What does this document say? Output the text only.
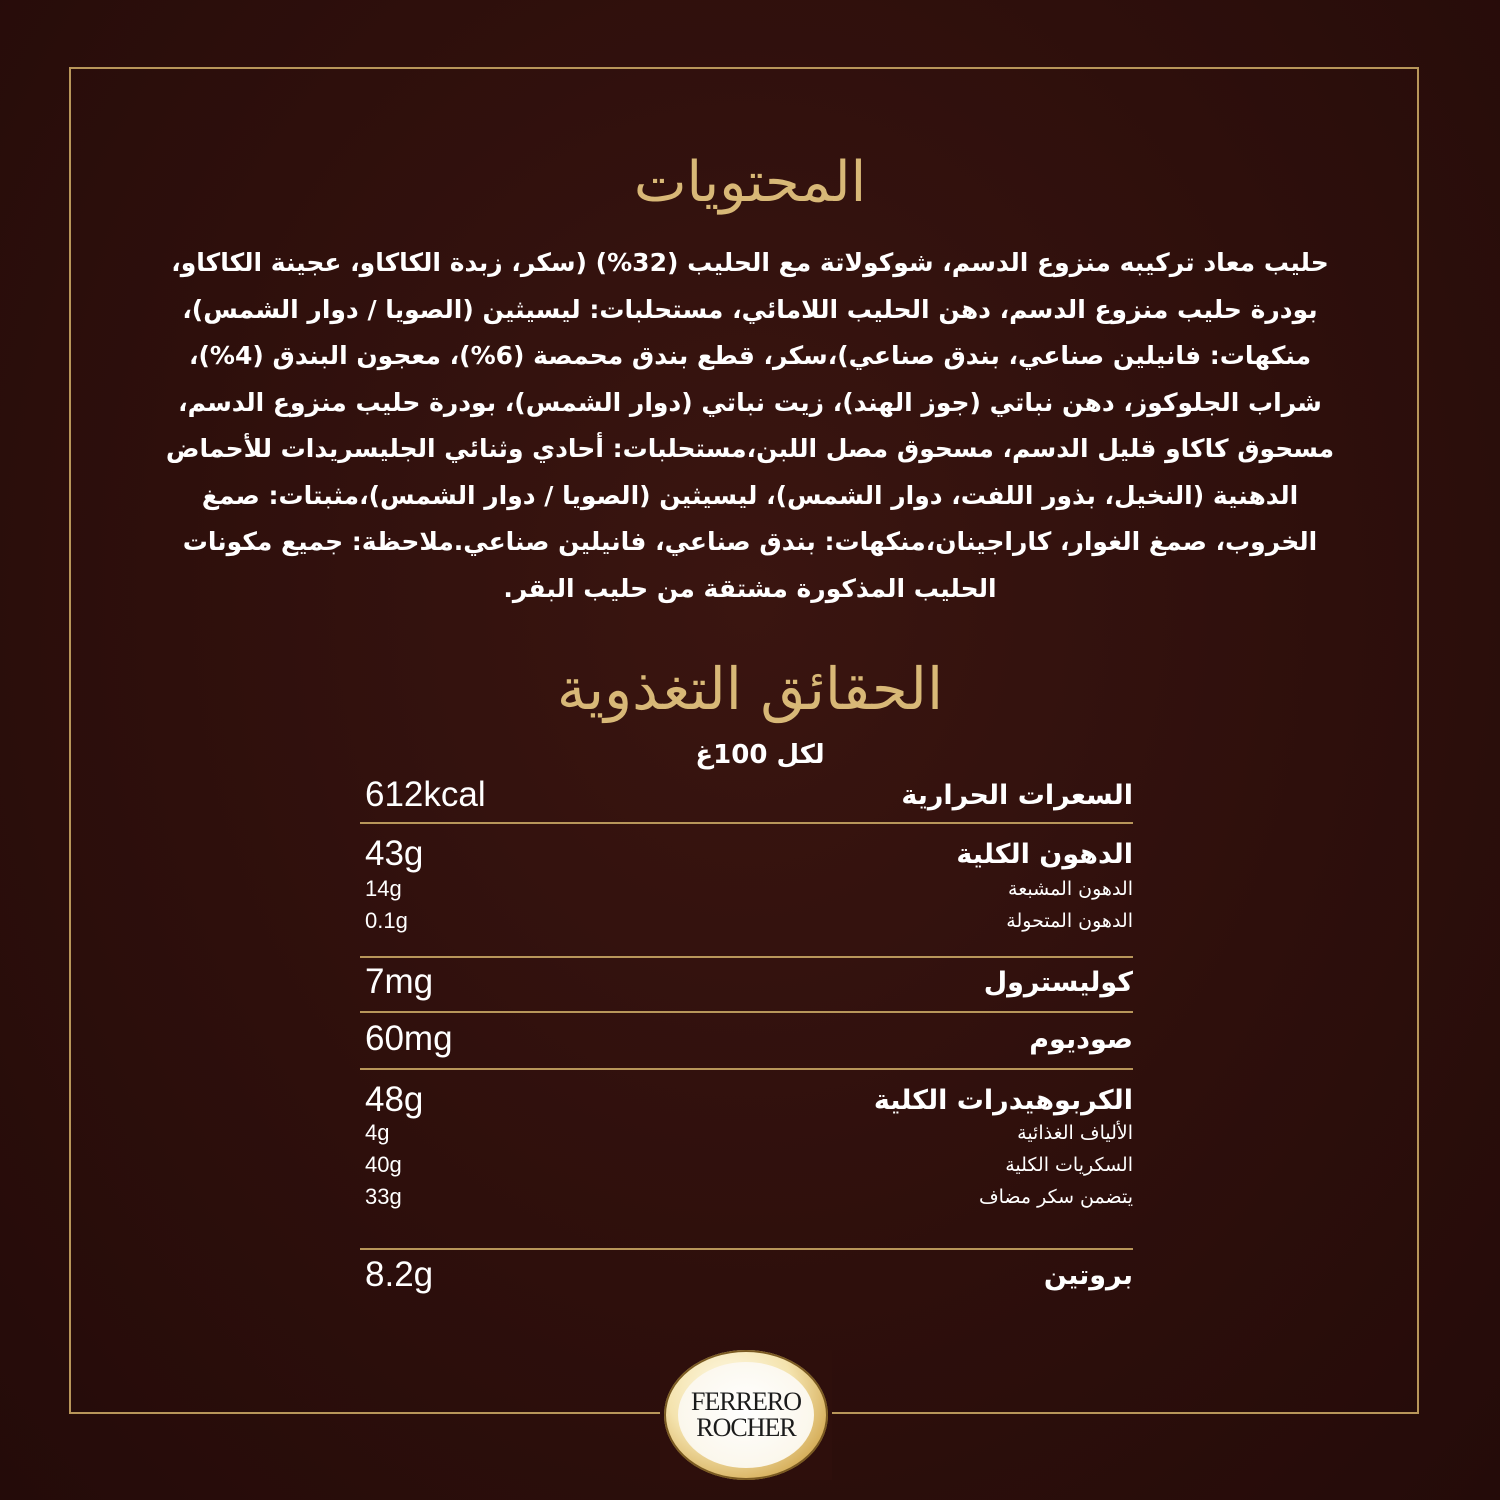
المحتويات

حليب معاد تركيبه منزوع الدسم، شوكولاتة مع الحليب (32%) (سكر، زبدة الكاكاو، عجينة الكاكاو، بودرة حليب منزوع الدسم، دهن الحليب اللامائي، مستحلبات: ليسيثين (الصويا / دوار الشمس)، منكهات: فانيلين صناعي، بندق صناعي)،سكر، قطع بندق محمصة (6%)، معجون البندق (4%)، شراب الجلوكوز، دهن نباتي (جوز الهند)، زيت نباتي (دوار الشمس)، بودرة حليب منزوع الدسم، مسحوق كاكاو قليل الدسم، مسحوق مصل اللبن،مستحلبات: أحادي وثنائي الجليسريدات للأحماض الدهنية (النخيل، بذور اللفت، دوار الشمس)، ليسيثين (الصويا / دوار الشمس)،مثبتات: صمغ الخروب، صمغ الغوار، كاراجينان،منكهات: بندق صناعي، فانيلين صناعي.ملاحظة: جميع مكونات الحليب المذكورة مشتقة من حليب البقر.

الحقائق التغذوية
لكل 100غ
612kcal	السعرات الحرارية
43g	الدهون الكلية
14g	الدهون المشبعة
0.1g	الدهون المتحولة
7mg	كوليسترول
60mg	صوديوم
48g	الكربوهيدرات الكلية
4g	الألياف الغذائية
40g	السكريات الكلية
33g	يتضمن سكر مضاف
8.2g	بروتين
FERRERO
ROCHER
